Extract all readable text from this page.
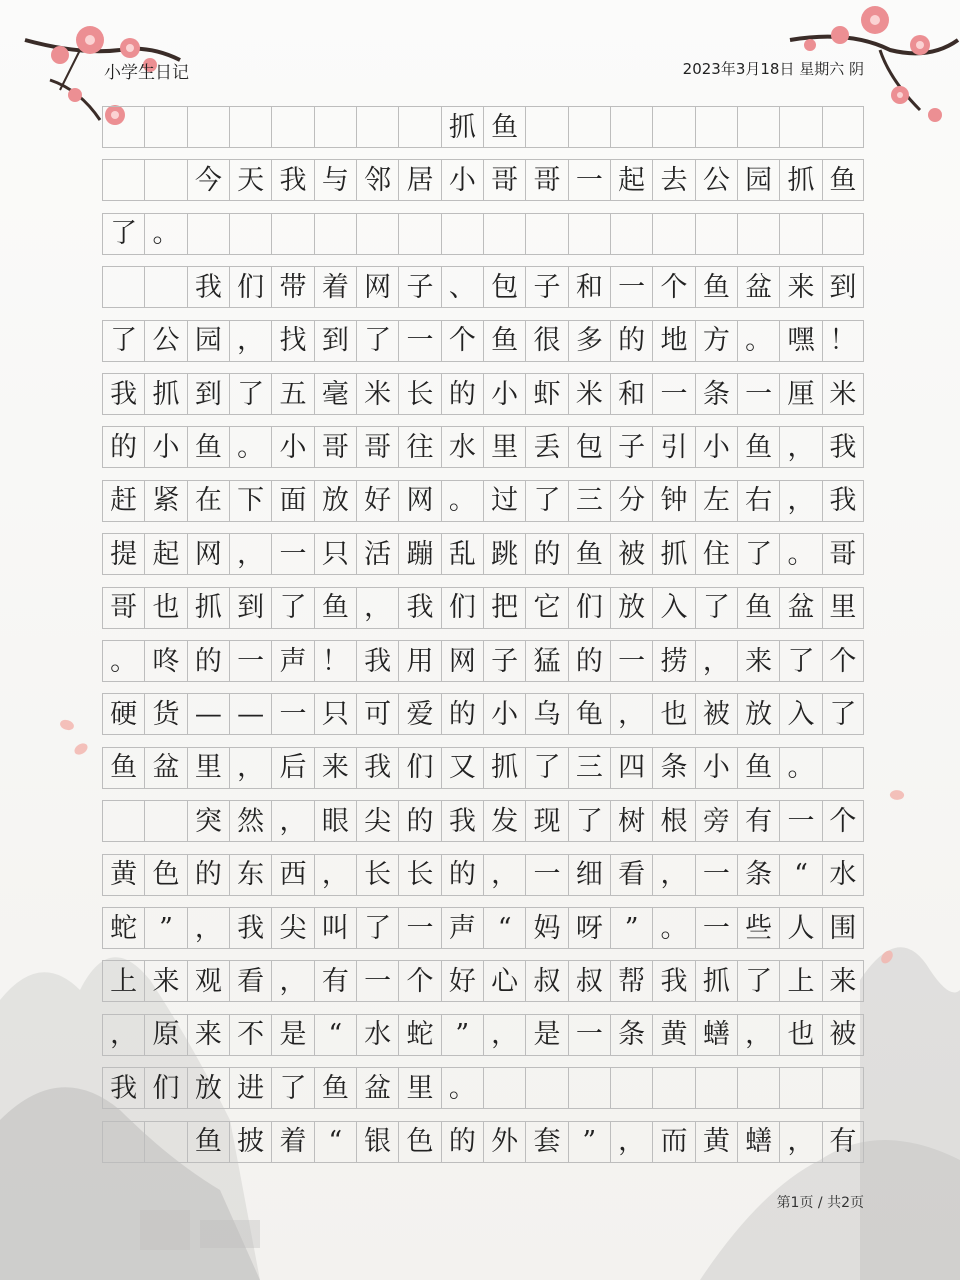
小学生日记	2023年3月18日 星期六 阴
抓 鱼
今 天 我 与 邻 居 小 哥 哥 一 起 去 公 园 抓 鱼
了 。
我 们 带 着 网 子 、 包 子 和 一 个 鱼 盆 来 到
了 公 园 ， 找 到 了 一 个 鱼 很 多 的 地 方 。 嘿 ！
我 抓 到 了 五 毫 米 长 的 小 虾 米 和 一 条 一 厘 米
的 小 鱼 。 小 哥 哥 往 水 里 丢 包 子 引 小 鱼 ， 我
赶 紧 在 下 面 放 好 网 。 过 了 三 分 钟 左 右 ， 我
提 起 网 ， 一 只 活 蹦 乱 跳 的 鱼 被 抓 住 了 。 哥
哥 也 抓 到 了 鱼 ， 我 们 把 它 们 放 入 了 鱼 盆 里
。 咚 的 一 声 ！ 我 用 网 子 猛 的 一 捞 ， 来 了 个
硬 货 — — 一 只 可 爱 的 小 乌 龟 ， 也 被 放 入 了
鱼 盆 里 ， 后 来 我 们 又 抓 了 三 四 条 小 鱼 。
突 然 ， 眼 尖 的 我 发 现 了 树 根 旁 有 一 个
黄 色 的 东 西 ， 长 长 的 ， 一 细 看 ， 一 条 “ 水
蛇 ” ， 我 尖 叫 了 一 声 “ 妈 呀 ” 。 一 些 人 围
上 来 观 看 ， 有 一 个 好 心 叔 叔 帮 我 抓 了 上 来
， 原 来 不 是 “ 水 蛇 ” ， 是 一 条 黄 蟮 ， 也 被
我 们 放 进 了 鱼 盆 里 。
鱼 披 着 “ 银 色 的 外 套 ” ， 而 黄 蟮 ， 有
第1页 / 共2页
